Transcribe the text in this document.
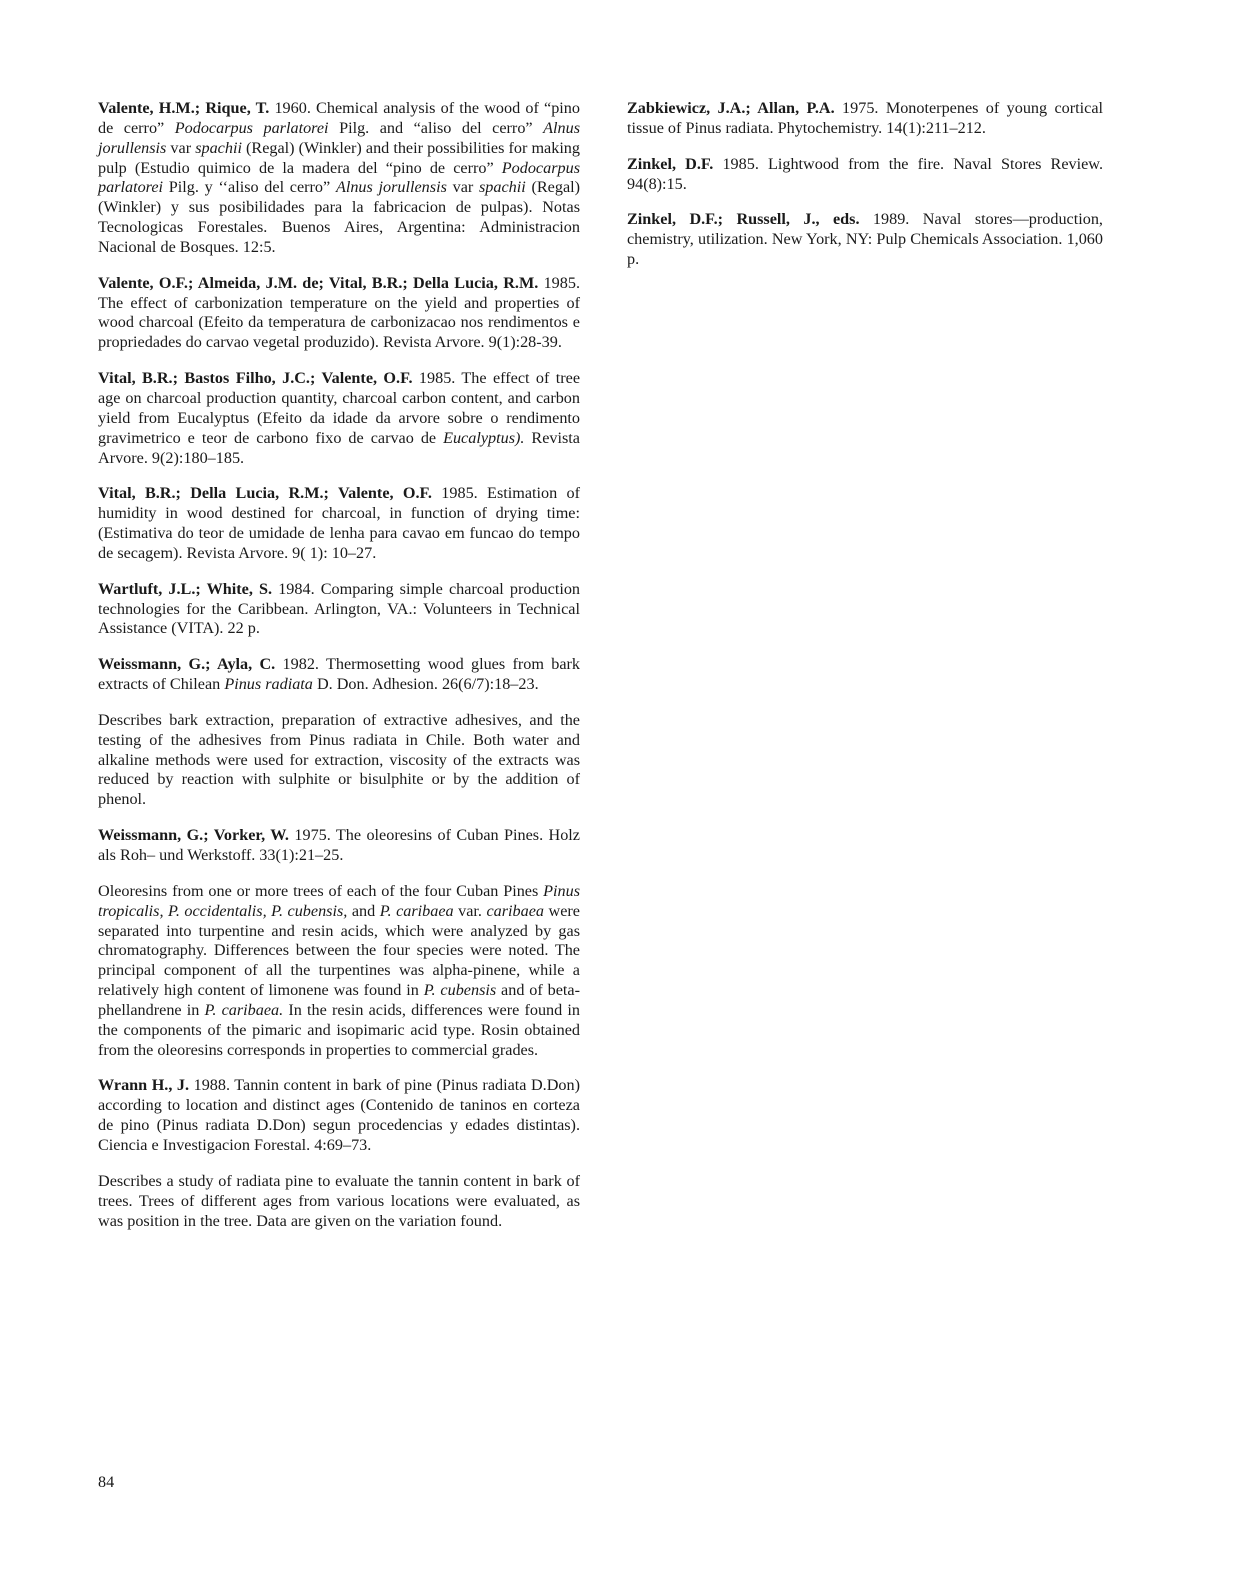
Valente, H.M.; Rique, T. 1960. Chemical analysis of the wood of “pino de cerro” Podocarpus parlatorei Pilg. and “aliso del cerro” Alnus jorullensis var spachii (Regal) (Winkler) and their possibilities for making pulp (Estudio quimico de la madera del “pino de cerro” Podocarpus parlatorei Pilg. y ‘‘aliso del cerro” Alnus jorullensis var spachii (Regal) (Winkler) y sus posibilidades para la fabricacion de pulpas). Notas Tecnologicas Forestales. Buenos Aires, Argentina: Administracion Nacional de Bosques. 12:5.

Valente, O.F.; Almeida, J.M. de; Vital, B.R.; Della Lucia, R.M. 1985. The effect of carbonization temperature on the yield and properties of wood charcoal (Efeito da temperatura de carbonizacao nos rendimentos e propriedades do carvao vegetal produzido). Revista Arvore. 9(1):28-39.

Vital, B.R.; Bastos Filho, J.C.; Valente, O.F. 1985. The effect of tree age on charcoal production quantity, charcoal carbon content, and carbon yield from Eucalyptus (Efeito da idade da arvore sobre o rendimento gravimetrico e teor de carbono fixo de carvao de Eucalyptus). Revista Arvore. 9(2):180–185.

Vital, B.R.; Della Lucia, R.M.; Valente, O.F. 1985. Estimation of humidity in wood destined for charcoal, in function of drying time: (Estimativa do teor de umidade de lenha para cavao em funcao do tempo de secagem). Revista Arvore. 9( 1): 10–27.

Wartluft, J.L.; White, S. 1984. Comparing simple charcoal production technologies for the Caribbean. Arlington, VA.: Volunteers in Technical Assistance (VITA). 22 p.

Weissmann, G.; Ayla, C. 1982. Thermosetting wood glues from bark extracts of Chilean Pinus radiata D. Don. Adhesion. 26(6/7):18–23.

Describes bark extraction, preparation of extractive adhesives, and the testing of the adhesives from Pinus radiata in Chile. Both water and alkaline methods were used for extraction, viscosity of the extracts was reduced by reaction with sulphite or bisulphite or by the addition of phenol.

Weissmann, G.; Vorker, W. 1975. The oleoresins of Cuban Pines. Holz als Roh– und Werkstoff. 33(1):21–25.

Oleoresins from one or more trees of each of the four Cuban Pines Pinus tropicalis, P. occidentalis, P. cubensis, and P. caribaea var. caribaea were separated into turpentine and resin acids, which were analyzed by gas chromatography. Differences between the four species were noted. The principal component of all the turpentines was alpha-pinene, while a relatively high content of limonene was found in P. cubensis and of beta-phellandrene in P. caribaea. In the resin acids, differences were found in the components of the pimaric and isopimaric acid type. Rosin obtained from the oleoresins corresponds in properties to commercial grades.

Wrann H., J. 1988. Tannin content in bark of pine (Pinus radiata D.Don) according to location and distinct ages (Contenido de taninos en corteza de pino (Pinus radiata D.Don) segun procedencias y edades distintas). Ciencia e Investigacion Forestal. 4:69–73.

Describes a study of radiata pine to evaluate the tannin content in bark of trees. Trees of different ages from various locations were evaluated, as was position in the tree. Data are given on the variation found.

Zabkiewicz, J.A.; Allan, P.A. 1975. Monoterpenes of young cortical tissue of Pinus radiata. Phytochemistry. 14(1):211–212.

Zinkel, D.F. 1985. Lightwood from the fire. Naval Stores Review. 94(8):15.

Zinkel, D.F.; Russell, J., eds. 1989. Naval stores—production, chemistry, utilization. New York, NY: Pulp Chemicals Association. 1,060 p.

84
